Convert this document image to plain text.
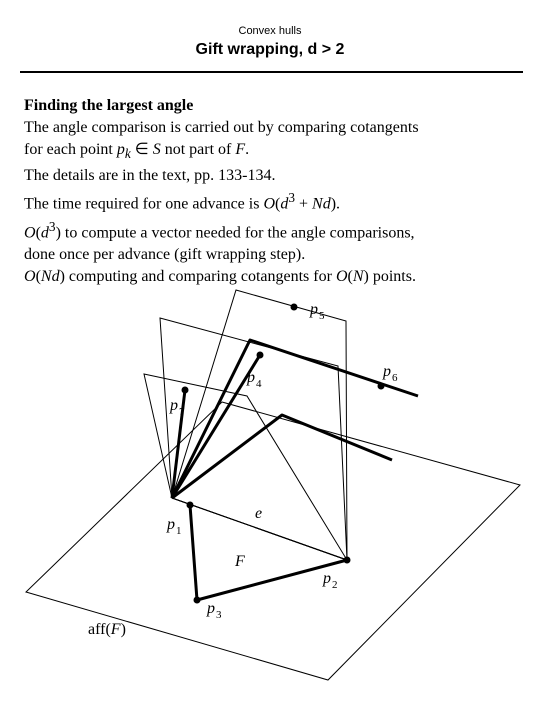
Convex hulls
Gift wrapping, d > 2
Finding the largest angle
The angle comparison is carried out by comparing cotangents
for each point $p_k$ ∈ S not part of F.
The details are in the text, pp. 133-134.
The time required for one advance is $O(d^3 + Nd)$.
$O(d^3)$ to compute a vector needed for the angle comparisons,
done once per advance (gift wrapping step).
O(Nd) computing and comparing cotangents for O(N) points.
$p_5$
$p_6$
$p_4$
$p_7$
e
$p_1$
F
$p_2$
$p_3$
aff(F)
